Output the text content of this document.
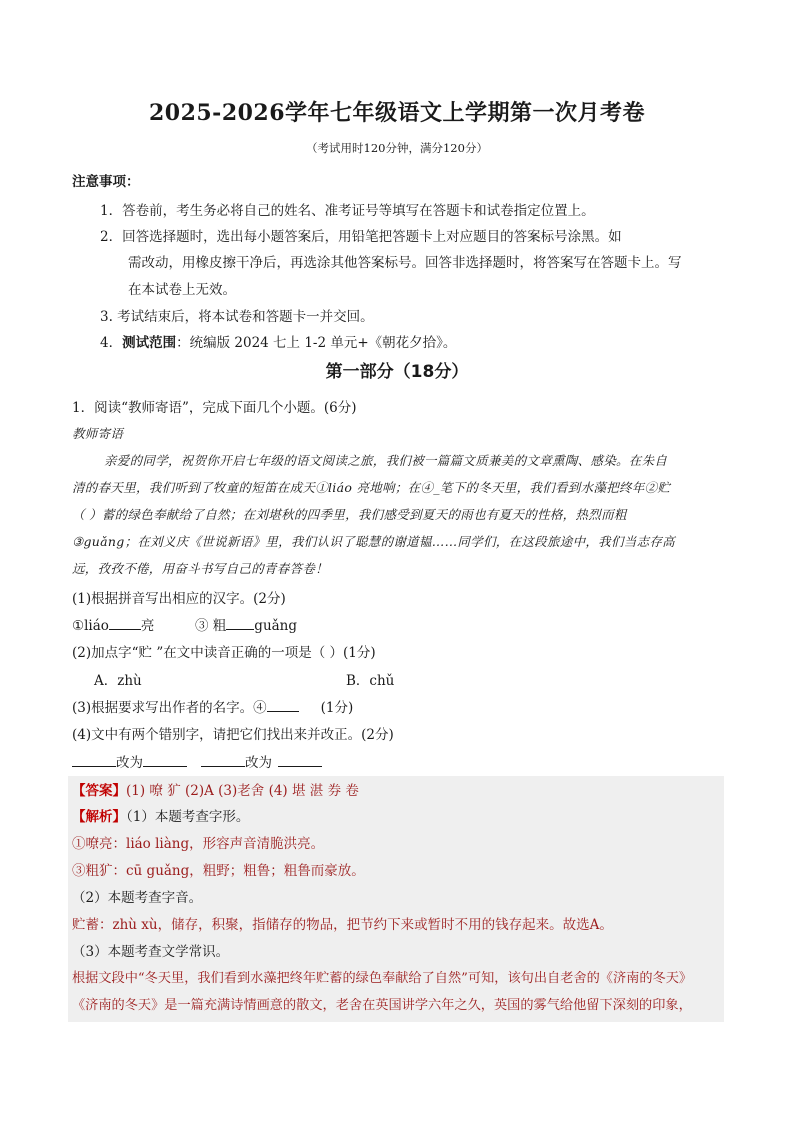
2025-2026学年七年级语文上学期第一次月考卷
（考试用时120分钟，满分120分）
注意事项：
1．答卷前，考生务必将自己的姓名、准考证号等填写在答题卡和试卷指定位置上。
2．回答选择题时，选出每小题答案后，用铅笔把答题卡上对应题目的答案标号涂黑。如
需改动，用橡皮擦干净后，再选涂其他答案标号。回答非选择题时，将答案写在答题卡上。写
在本试卷上无效。
3. 考试结束后，将本试卷和答题卡一并交回。
4．测试范围：统编版 2024 七上 1-2 单元+《朝花夕拾》。
第一部分（18分）
1．阅读“教师寄语”，完成下面几个小题。(6分)
教师寄语
亲爱的同学，祝贺你开启七年级的语文阅读之旅，我们被一篇篇文质兼美的文章熏陶、感染。在朱自
清的春天里，我们听到了牧童的短笛在成天①liáo 亮地响；在④_笔下的冬天里，我们看到水藻把终年②贮
（ ）蓄的绿色奉献给了自然；在刘堪秋的四季里，我们感受到夏天的雨也有夏天的性格，热烈而粗
③guǎng；在刘义庆《世说新语》里，我们认识了聪慧的谢道韫……同学们，在这段旅途中，我们当志存高
远，孜孜不倦，用奋斗书写自己的青春答卷！
(1)根据拼音写出相应的汉字。(2分)
①liáo 亮	③ 粗 guǎng
(2)加点字“贮 ”在文中读音正确的一项是（ ）(1分)
A．zhù	B．chǔ
(3)根据要求写出作者的名字。④	(1分)
(4)文中有两个错别字，请把它们找出来并改正。(2分)
改为	改为
【答案】(1) 嘹 犷 (2)A (3)老舍 (4) 堪 湛 券 卷
【解析】（1）本题考查字形。
①嘹亮：liáo liàng，形容声音清脆洪亮。
③粗犷：cū guǎng，粗野；粗鲁；粗鲁而豪放。
（2）本题考查字音。
贮蓄：zhù xù，储存，积聚，指储存的物品，把节约下来或暂时不用的钱存起来。故选A。
（3）本题考查文学常识。
根据文段中“冬天里，我们看到水藻把终年贮蓄的绿色奉献给了自然”可知，该句出自老舍的《济南的冬天》
《济南的冬天》是一篇充满诗情画意的散文，老舍在英国讲学六年之久，英国的雾气给他留下深刻的印象，
